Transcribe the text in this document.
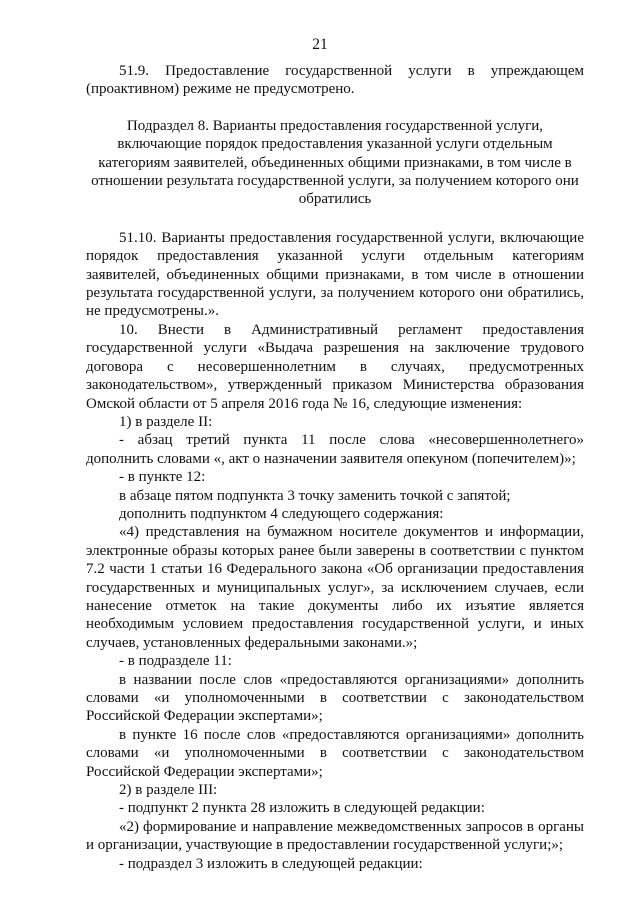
21

51.9. Предоставление государственной услуги в упреждающем (проактивном) режиме не предусмотрено.

Подраздел 8. Варианты предоставления государственной услуги, включающие порядок предоставления указанной услуги отдельным категориям заявителей, объединенных общими признаками, в том числе в отношении результата государственной услуги, за получением которого они обратились

51.10. Варианты предоставления государственной услуги, включающие порядок предоставления указанной услуги отдельным категориям заявителей, объединенных общими признаками, в том числе в отношении результата государственной услуги, за получением которого они обратились, не предусмотрены.».

10. Внести в Административный регламент предоставления государственной услуги «Выдача разрешения на заключение трудового договора с несовершеннолетним в случаях, предусмотренных законодательством», утвержденный приказом Министерства образования Омской области от 5 апреля 2016 года № 16, следующие изменения:

1) в разделе II:

- абзац третий пункта 11 после слова «несовершеннолетнего» дополнить словами «, акт о назначении заявителя опекуном (попечителем)»;

- в пункте 12:

в абзаце пятом подпункта 3 точку заменить точкой с запятой;

дополнить подпунктом 4 следующего содержания:

«4) представления на бумажном носителе документов и информации, электронные образы которых ранее были заверены в соответствии с пунктом 7.2 части 1 статьи 16 Федерального закона «Об организации предоставления государственных и муниципальных услуг», за исключением случаев, если нанесение отметок на такие документы либо их изъятие является необходимым условием предоставления государственной услуги, и иных случаев, установленных федеральными законами.»;

- в подразделе 11:

в названии после слов «предоставляются организациями» дополнить словами «и уполномоченными в соответствии с законодательством Российской Федерации экспертами»;

в пункте 16 после слов «предоставляются организациями» дополнить словами «и уполномоченными в соответствии с законодательством Российской Федерации экспертами»;

2) в разделе III:

- подпункт 2 пункта 28 изложить в следующей редакции:

«2) формирование и направление межведомственных запросов в органы и организации, участвующие в предоставлении государственной услуги;»;

- подраздел 3 изложить в следующей редакции:
